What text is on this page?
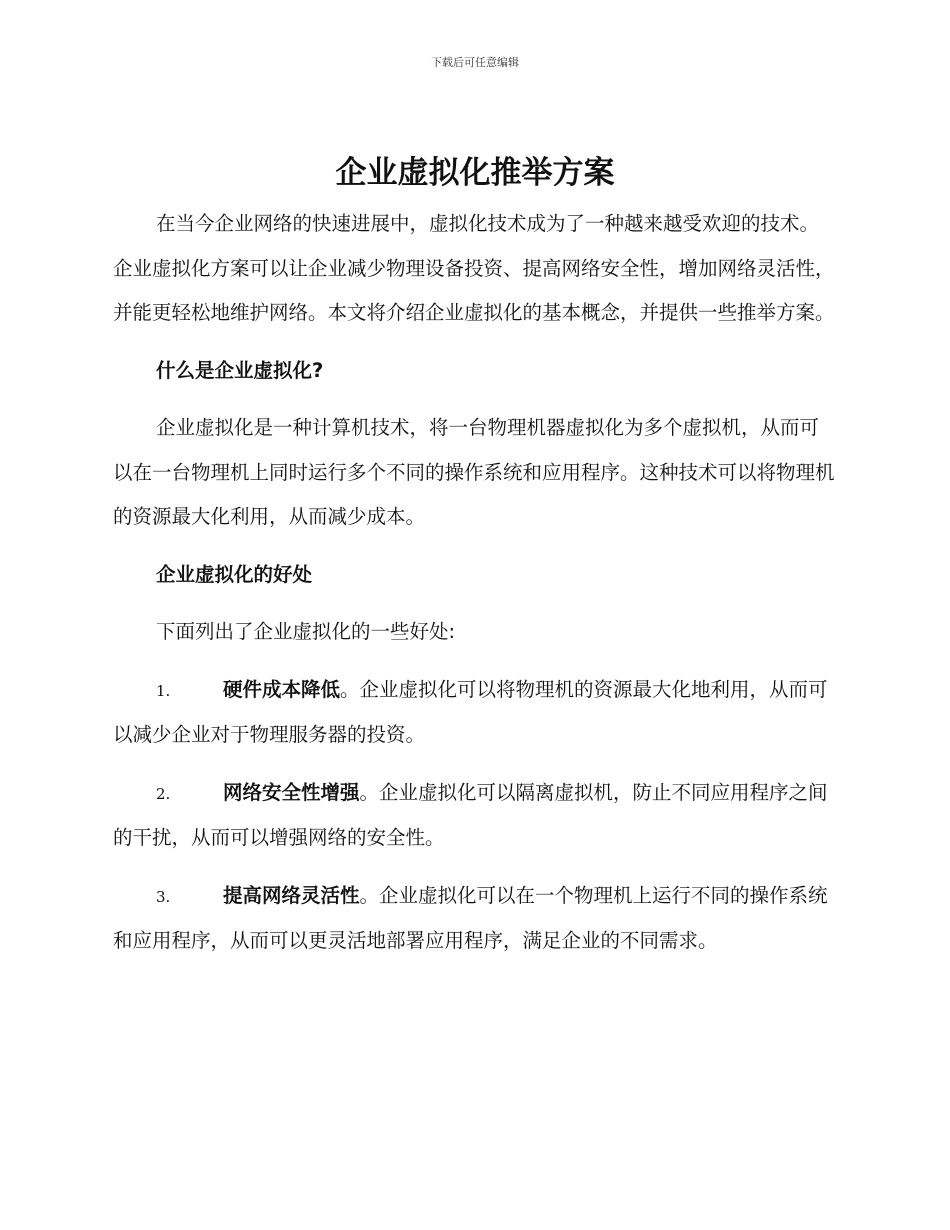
下载后可任意编辑
企业虚拟化推举方案

在当今企业网络的快速进展中，虚拟化技术成为了一种越来越受欢迎的技术。企业虚拟化方案可以让企业减少物理设备投资、提高网络安全性，增加网络灵活性，并能更轻松地维护网络。本文将介绍企业虚拟化的基本概念，并提供一些推举方案。

什么是企业虚拟化?

企业虚拟化是一种计算机技术，将一台物理机器虚拟化为多个虚拟机，从而可以在一台物理机上同时运行多个不同的操作系统和应用程序。这种技术可以将物理机的资源最大化利用，从而减少成本。

企业虚拟化的好处

下面列出了企业虚拟化的一些好处:

1.	硬件成本降低。企业虚拟化可以将物理机的资源最大化地利用，从而可以减少企业对于物理服务器的投资。

2.	网络安全性增强。企业虚拟化可以隔离虚拟机，防止不同应用程序之间的干扰，从而可以增强网络的安全性。

3.	提高网络灵活性。企业虚拟化可以在一个物理机上运行不同的操作系统和应用程序，从而可以更灵活地部署应用程序，满足企业的不同需求。
